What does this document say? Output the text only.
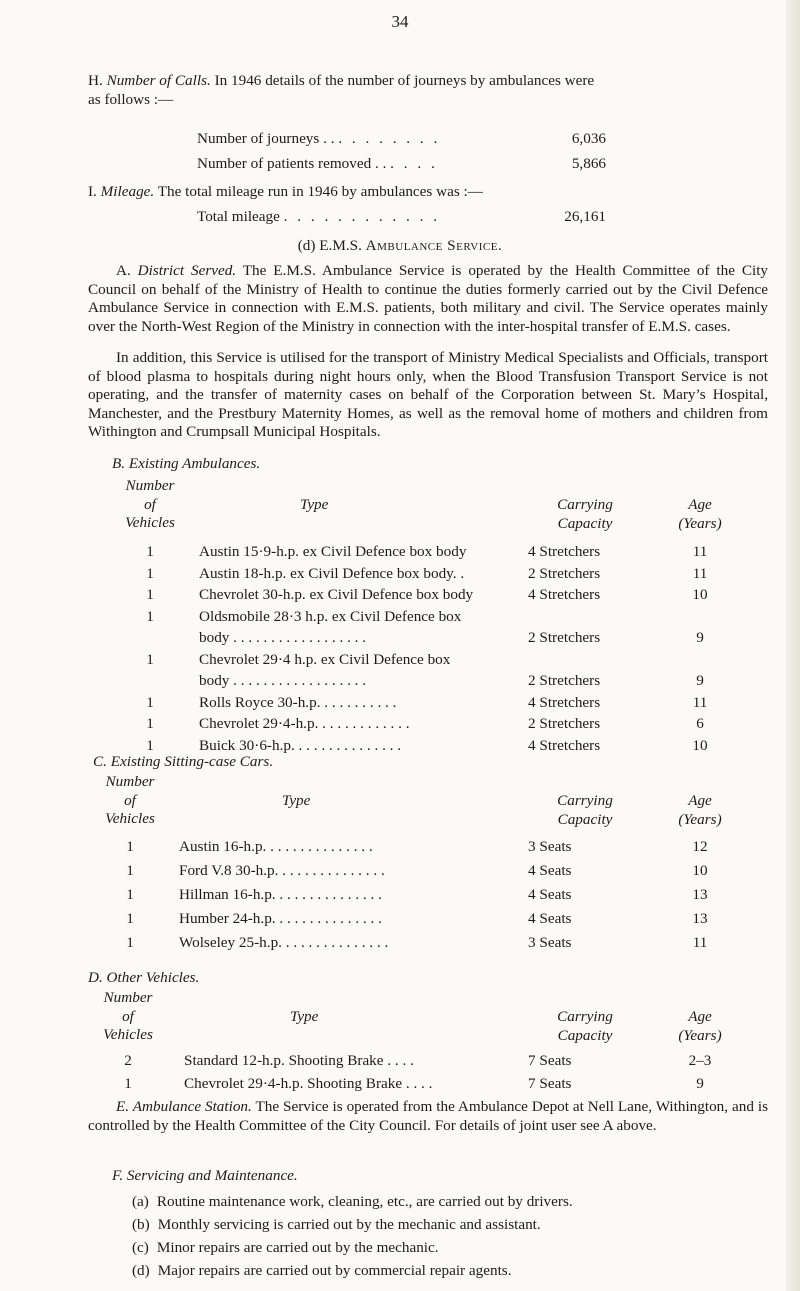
34
H. Number of Calls. In 1946 details of the number of journeys by ambulances were
as follows :—
Number of journeys . . . . . . . . . .	6,036
Number of patients removed . . . . . .	5,866
I. Mileage. The total mileage run in 1946 by ambulances was :—
Total mileage . . . . . . . . . . . .	26,161
(d) E.M.S. Ambulance Service.
A. District Served. The E.M.S. Ambulance Service is operated by the Health Committee of the City Council on behalf of the Ministry of Health to continue the duties formerly carried out by the Civil Defence Ambulance Service in connection with E.M.S. patients, both military and civil. The Service operates mainly over the North-West Region of the Ministry in connection with the inter-hospital transfer of E.M.S. cases.
In addition, this Service is utilised for the transport of Ministry Medical Specialists and Officials, transport of blood plasma to hospitals during night hours only, when the Blood Transfusion Transport Service is not operating, and the transfer of maternity cases on behalf of the Corporation between St. Mary’s Hospital, Manchester, and the Prestbury Maternity Homes, as well as the removal home of mothers and children from Withington and Crumpsall Municipal Hospitals.
B. Existing Ambulances.
Number
of
Vehicles
Type	Carrying
Capacity
Age
(Years)
1	Austin 15·9-h.p. ex Civil Defence box body	4 Stretchers	11
1	Austin 18-h.p. ex Civil Defence box body. .	2 Stretchers	11
1	Chevrolet 30-h.p. ex Civil Defence box body	4 Stretchers	10
1	Oldsmobile 28·3 h.p. ex Civil Defence box
body . . . . . . . . . . . . . . . . . .	2 Stretchers	9
1	Chevrolet 29·4 h.p. ex Civil Defence box
body . . . . . . . . . . . . . . . . . .	2 Stretchers	9
1	Rolls Royce 30-h.p. . . . . . . . . . .	4 Stretchers	11
1	Chevrolet 29·4-h.p. . . . . . . . . . . . .	2 Stretchers	6
1	Buick 30·6-h.p. . . . . . . . . . . . . . .	4 Stretchers	10
C. Existing Sitting-case Cars.
Number
of
Vehicles
Type	Carrying
Capacity
Age
(Years)
1	Austin 16-h.p. . . . . . . . . . . . . . .	3 Seats	12
1	Ford V.8 30-h.p. . . . . . . . . . . . . . .	4 Seats	10
1	Hillman 16-h.p. . . . . . . . . . . . . . .	4 Seats	13
1	Humber 24-h.p. . . . . . . . . . . . . . .	4 Seats	13
1	Wolseley 25-h.p. . . . . . . . . . . . . . .	3 Seats	11
D. Other Vehicles.
Number
of
Vehicles
Type	Carrying
Capacity
Age
(Years)
2	Standard 12-h.p. Shooting Brake . . . .	7 Seats	2–3
1	Chevrolet 29·4-h.p. Shooting Brake . . . .	7 Seats	9
E. Ambulance Station. The Service is operated from the Ambulance Depot at Nell Lane, Withington, and is controlled by the Health Committee of the City Council. For details of joint user see A above.
F. Servicing and Maintenance.
(a) Routine maintenance work, cleaning, etc., are carried out by drivers.
(b) Monthly servicing is carried out by the mechanic and assistant.
(c) Minor repairs are carried out by the mechanic.
(d) Major repairs are carried out by commercial repair agents.
